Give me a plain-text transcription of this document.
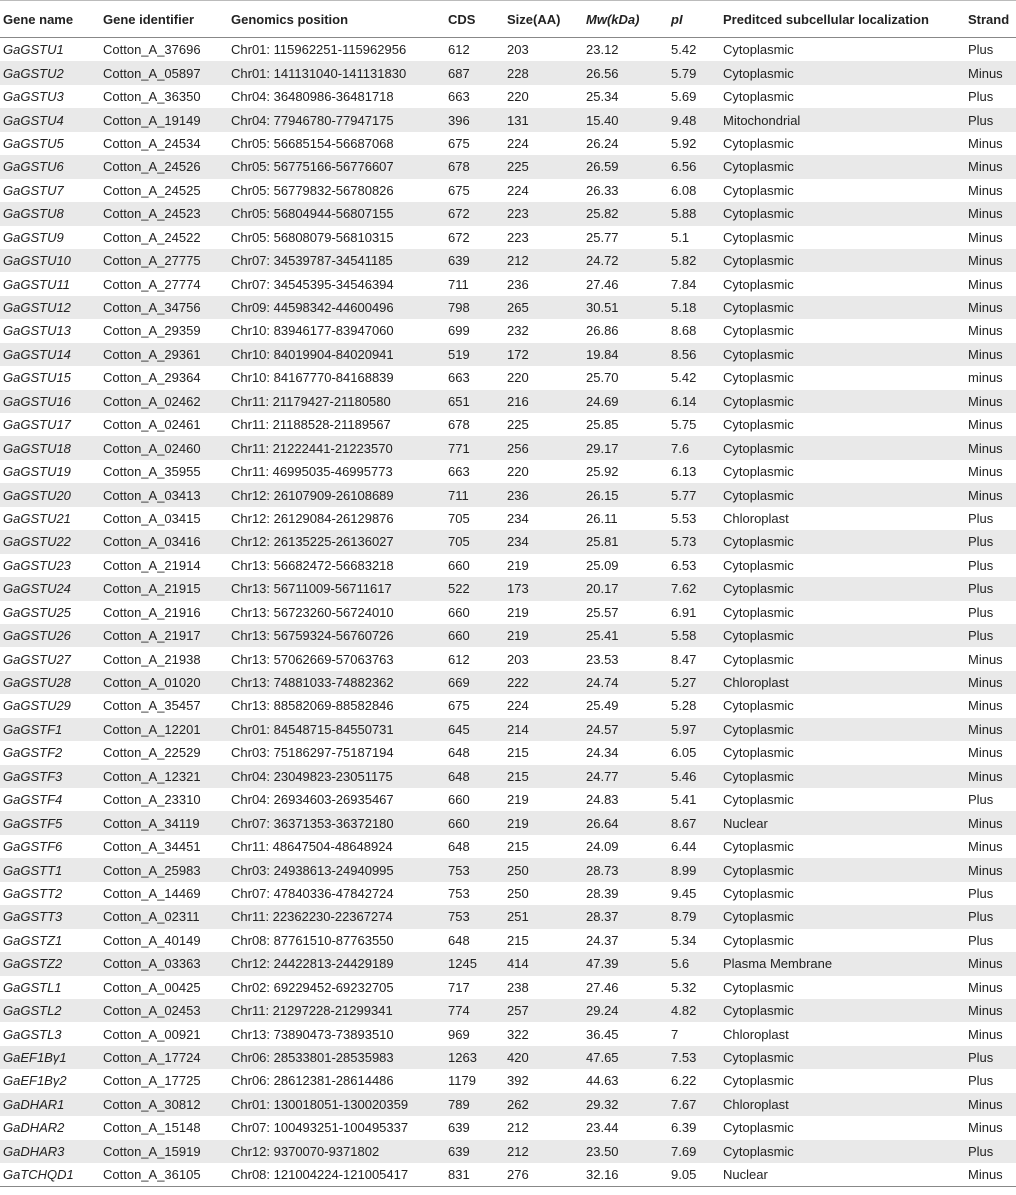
Gene name	Gene identifier	Genomics position	CDS	Size(AA)	Mw(kDa)	pI	Preditced subcellular localization	Strand
GaGSTU1	Cotton_A_37696	Chr01: 115962251-115962956	612	203	23.12	5.42	Cytoplasmic	Plus
GaGSTU2	Cotton_A_05897	Chr01: 141131040-141131830	687	228	26.56	5.79	Cytoplasmic	Minus
GaGSTU3	Cotton_A_36350	Chr04: 36480986-36481718	663	220	25.34	5.69	Cytoplasmic	Plus
GaGSTU4	Cotton_A_19149	Chr04: 77946780-77947175	396	131	15.40	9.48	Mitochondrial	Plus
GaGSTU5	Cotton_A_24534	Chr05: 56685154-56687068	675	224	26.24	5.92	Cytoplasmic	Minus
GaGSTU6	Cotton_A_24526	Chr05: 56775166-56776607	678	225	26.59	6.56	Cytoplasmic	Minus
GaGSTU7	Cotton_A_24525	Chr05: 56779832-56780826	675	224	26.33	6.08	Cytoplasmic	Minus
GaGSTU8	Cotton_A_24523	Chr05: 56804944-56807155	672	223	25.82	5.88	Cytoplasmic	Minus
GaGSTU9	Cotton_A_24522	Chr05: 56808079-56810315	672	223	25.77	5.1	Cytoplasmic	Minus
GaGSTU10	Cotton_A_27775	Chr07: 34539787-34541185	639	212	24.72	5.82	Cytoplasmic	Minus
GaGSTU11	Cotton_A_27774	Chr07: 34545395-34546394	711	236	27.46	7.84	Cytoplasmic	Minus
GaGSTU12	Cotton_A_34756	Chr09: 44598342-44600496	798	265	30.51	5.18	Cytoplasmic	Minus
GaGSTU13	Cotton_A_29359	Chr10: 83946177-83947060	699	232	26.86	8.68	Cytoplasmic	Minus
GaGSTU14	Cotton_A_29361	Chr10: 84019904-84020941	519	172	19.84	8.56	Cytoplasmic	Minus
GaGSTU15	Cotton_A_29364	Chr10: 84167770-84168839	663	220	25.70	5.42	Cytoplasmic	minus
GaGSTU16	Cotton_A_02462	Chr11: 21179427-21180580	651	216	24.69	6.14	Cytoplasmic	Minus
GaGSTU17	Cotton_A_02461	Chr11: 21188528-21189567	678	225	25.85	5.75	Cytoplasmic	Minus
GaGSTU18	Cotton_A_02460	Chr11: 21222441-21223570	771	256	29.17	7.6	Cytoplasmic	Minus
GaGSTU19	Cotton_A_35955	Chr11: 46995035-46995773	663	220	25.92	6.13	Cytoplasmic	Minus
GaGSTU20	Cotton_A_03413	Chr12: 26107909-26108689	711	236	26.15	5.77	Cytoplasmic	Minus
GaGSTU21	Cotton_A_03415	Chr12: 26129084-26129876	705	234	26.11	5.53	Chloroplast	Plus
GaGSTU22	Cotton_A_03416	Chr12: 26135225-26136027	705	234	25.81	5.73	Cytoplasmic	Plus
GaGSTU23	Cotton_A_21914	Chr13: 56682472-56683218	660	219	25.09	6.53	Cytoplasmic	Plus
GaGSTU24	Cotton_A_21915	Chr13: 56711009-56711617	522	173	20.17	7.62	Cytoplasmic	Plus
GaGSTU25	Cotton_A_21916	Chr13: 56723260-56724010	660	219	25.57	6.91	Cytoplasmic	Plus
GaGSTU26	Cotton_A_21917	Chr13: 56759324-56760726	660	219	25.41	5.58	Cytoplasmic	Plus
GaGSTU27	Cotton_A_21938	Chr13: 57062669-57063763	612	203	23.53	8.47	Cytoplasmic	Minus
GaGSTU28	Cotton_A_01020	Chr13: 74881033-74882362	669	222	24.74	5.27	Chloroplast	Minus
GaGSTU29	Cotton_A_35457	Chr13: 88582069-88582846	675	224	25.49	5.28	Cytoplasmic	Minus
GaGSTF1	Cotton_A_12201	Chr01: 84548715-84550731	645	214	24.57	5.97	Cytoplasmic	Minus
GaGSTF2	Cotton_A_22529	Chr03: 75186297-75187194	648	215	24.34	6.05	Cytoplasmic	Minus
GaGSTF3	Cotton_A_12321	Chr04: 23049823-23051175	648	215	24.77	5.46	Cytoplasmic	Minus
GaGSTF4	Cotton_A_23310	Chr04: 26934603-26935467	660	219	24.83	5.41	Cytoplasmic	Plus
GaGSTF5	Cotton_A_34119	Chr07: 36371353-36372180	660	219	26.64	8.67	Nuclear	Minus
GaGSTF6	Cotton_A_34451	Chr11: 48647504-48648924	648	215	24.09	6.44	Cytoplasmic	Minus
GaGSTT1	Cotton_A_25983	Chr03: 24938613-24940995	753	250	28.73	8.99	Cytoplasmic	Minus
GaGSTT2	Cotton_A_14469	Chr07: 47840336-47842724	753	250	28.39	9.45	Cytoplasmic	Plus
GaGSTT3	Cotton_A_02311	Chr11: 22362230-22367274	753	251	28.37	8.79	Cytoplasmic	Plus
GaGSTZ1	Cotton_A_40149	Chr08: 87761510-87763550	648	215	24.37	5.34	Cytoplasmic	Plus
GaGSTZ2	Cotton_A_03363	Chr12: 24422813-24429189	1245	414	47.39	5.6	Plasma Membrane	Minus
GaGSTL1	Cotton_A_00425	Chr02: 69229452-69232705	717	238	27.46	5.32	Cytoplasmic	Minus
GaGSTL2	Cotton_A_02453	Chr11: 21297228-21299341	774	257	29.24	4.82	Cytoplasmic	Minus
GaGSTL3	Cotton_A_00921	Chr13: 73890473-73893510	969	322	36.45	7	Chloroplast	Minus
GaEF1Bγ1	Cotton_A_17724	Chr06: 28533801-28535983	1263	420	47.65	7.53	Cytoplasmic	Plus
GaEF1Bγ2	Cotton_A_17725	Chr06: 28612381-28614486	1179	392	44.63	6.22	Cytoplasmic	Plus
GaDHAR1	Cotton_A_30812	Chr01: 130018051-130020359	789	262	29.32	7.67	Chloroplast	Minus
GaDHAR2	Cotton_A_15148	Chr07: 100493251-100495337	639	212	23.44	6.39	Cytoplasmic	Minus
GaDHAR3	Cotton_A_15919	Chr12: 9370070-9371802	639	212	23.50	7.69	Cytoplasmic	Plus
GaTCHQD1	Cotton_A_36105	Chr08: 121004224-121005417	831	276	32.16	9.05	Nuclear	Minus
